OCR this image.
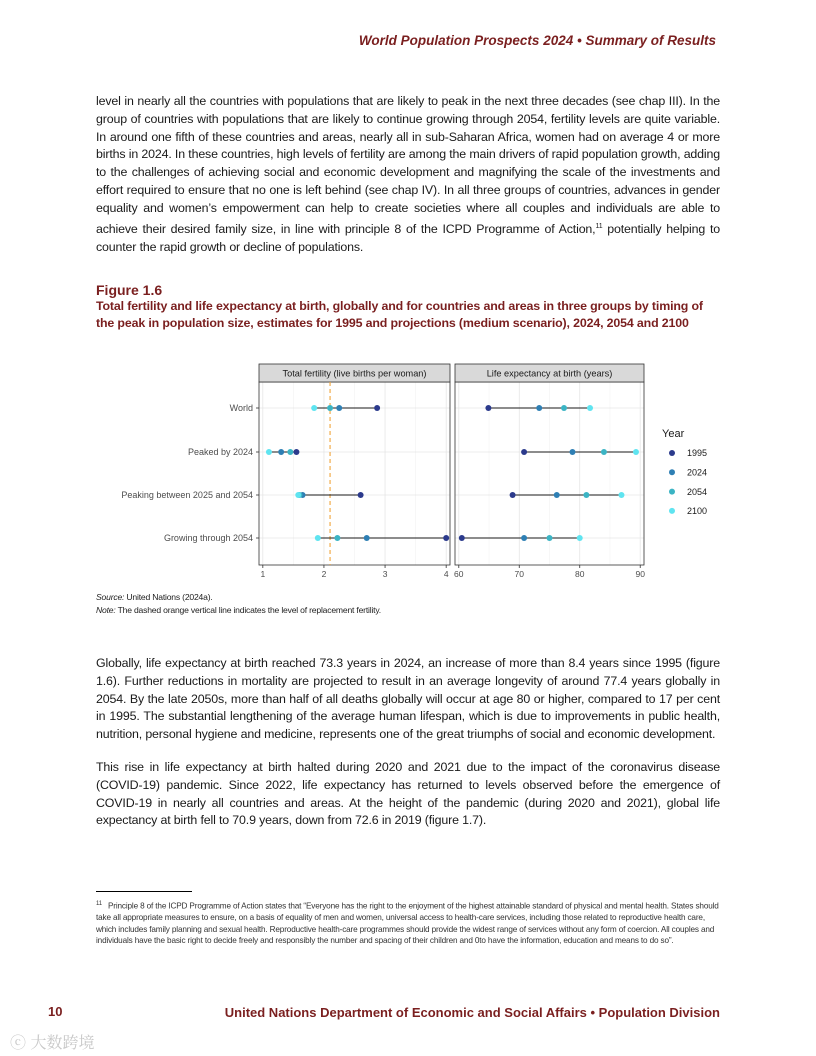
World Population Prospects 2024 • Summary of Results

level in nearly all the countries with populations that are likely to peak in the next three decades (see chap III). In the group of countries with populations that are likely to continue growing through 2054, fertility levels are quite variable. In around one fifth of these countries and areas, nearly all in sub-Saharan Africa, women had on average 4 or more births in 2024. In these countries, high levels of fertility are among the main drivers of rapid population growth, adding to the challenges of achieving social and economic development and magnifying the scale of the investments and effort required to ensure that no one is left behind (see chap IV). In all three groups of countries, advances in gender equality and women’s empowerment can help to create societies where all couples and individuals are able to achieve their desired family size, in line with principle 8 of the ICPD Programme of Action,$^{11}$ potentially helping to counter the rapid growth or decline of populations.

Figure 1.6
Total fertility and life expectancy at birth, globally and for countries and areas in three groups by timing of the peak in population size, estimates for 1995 and projections (medium scenario), 2024, 2054 and 2100
Total fertility (live births per woman)
1	2	3	4
Life expectancy at birth (years)
60	70	80	90
World
Peaked by 2024
Peaking between 2025 and 2054
Growing through 2054
Year
1995
2024
2054
2100
Source: United Nations (2024a).
Note: The dashed orange vertical line indicates the level of replacement fertility.

Globally, life expectancy at birth reached 73.3 years in 2024, an increase of more than 8.4 years since 1995 (figure 1.6). Further reductions in mortality are projected to result in an average longevity of around 77.4 years globally in 2054. By the late 2050s, more than half of all deaths globally will occur at age 80 or higher, compared to 17 per cent in 1995. The substantial lengthening of the average human lifespan, which is due to improvements in public health, nutrition, personal hygiene and medicine, represents one of the great triumphs of social and economic development.

This rise in life expectancy at birth halted during 2020 and 2021 due to the impact of the coronavirus disease (COVID-19) pandemic. Since 2022, life expectancy has returned to levels observed before the emergence of COVID-19 in nearly all countries and areas. At the height of the pandemic (during 2020 and 2021), global life expectancy at birth fell to 70.9 years, down from 72.6 in 2019 (figure 1.7).

$^{11}$ Principle 8 of the ICPD Programme of Action states that “Everyone has the right to the enjoyment of the highest attainable standard of physical and mental health. States should take all appropriate measures to ensure, on a basis of equality of men and women, universal access to health-care services, including those related to reproductive health care, which includes family planning and sexual health. Reproductive health-care programmes should provide the widest range of services without any form of coercion. All couples and individuals have the basic right to decide freely and responsibly the number and spacing of their children and 0to have the information, education and means to do so”.
10	United Nations Department of Economic and Social Affairs • Population Division
ⓒ 大数跨境
